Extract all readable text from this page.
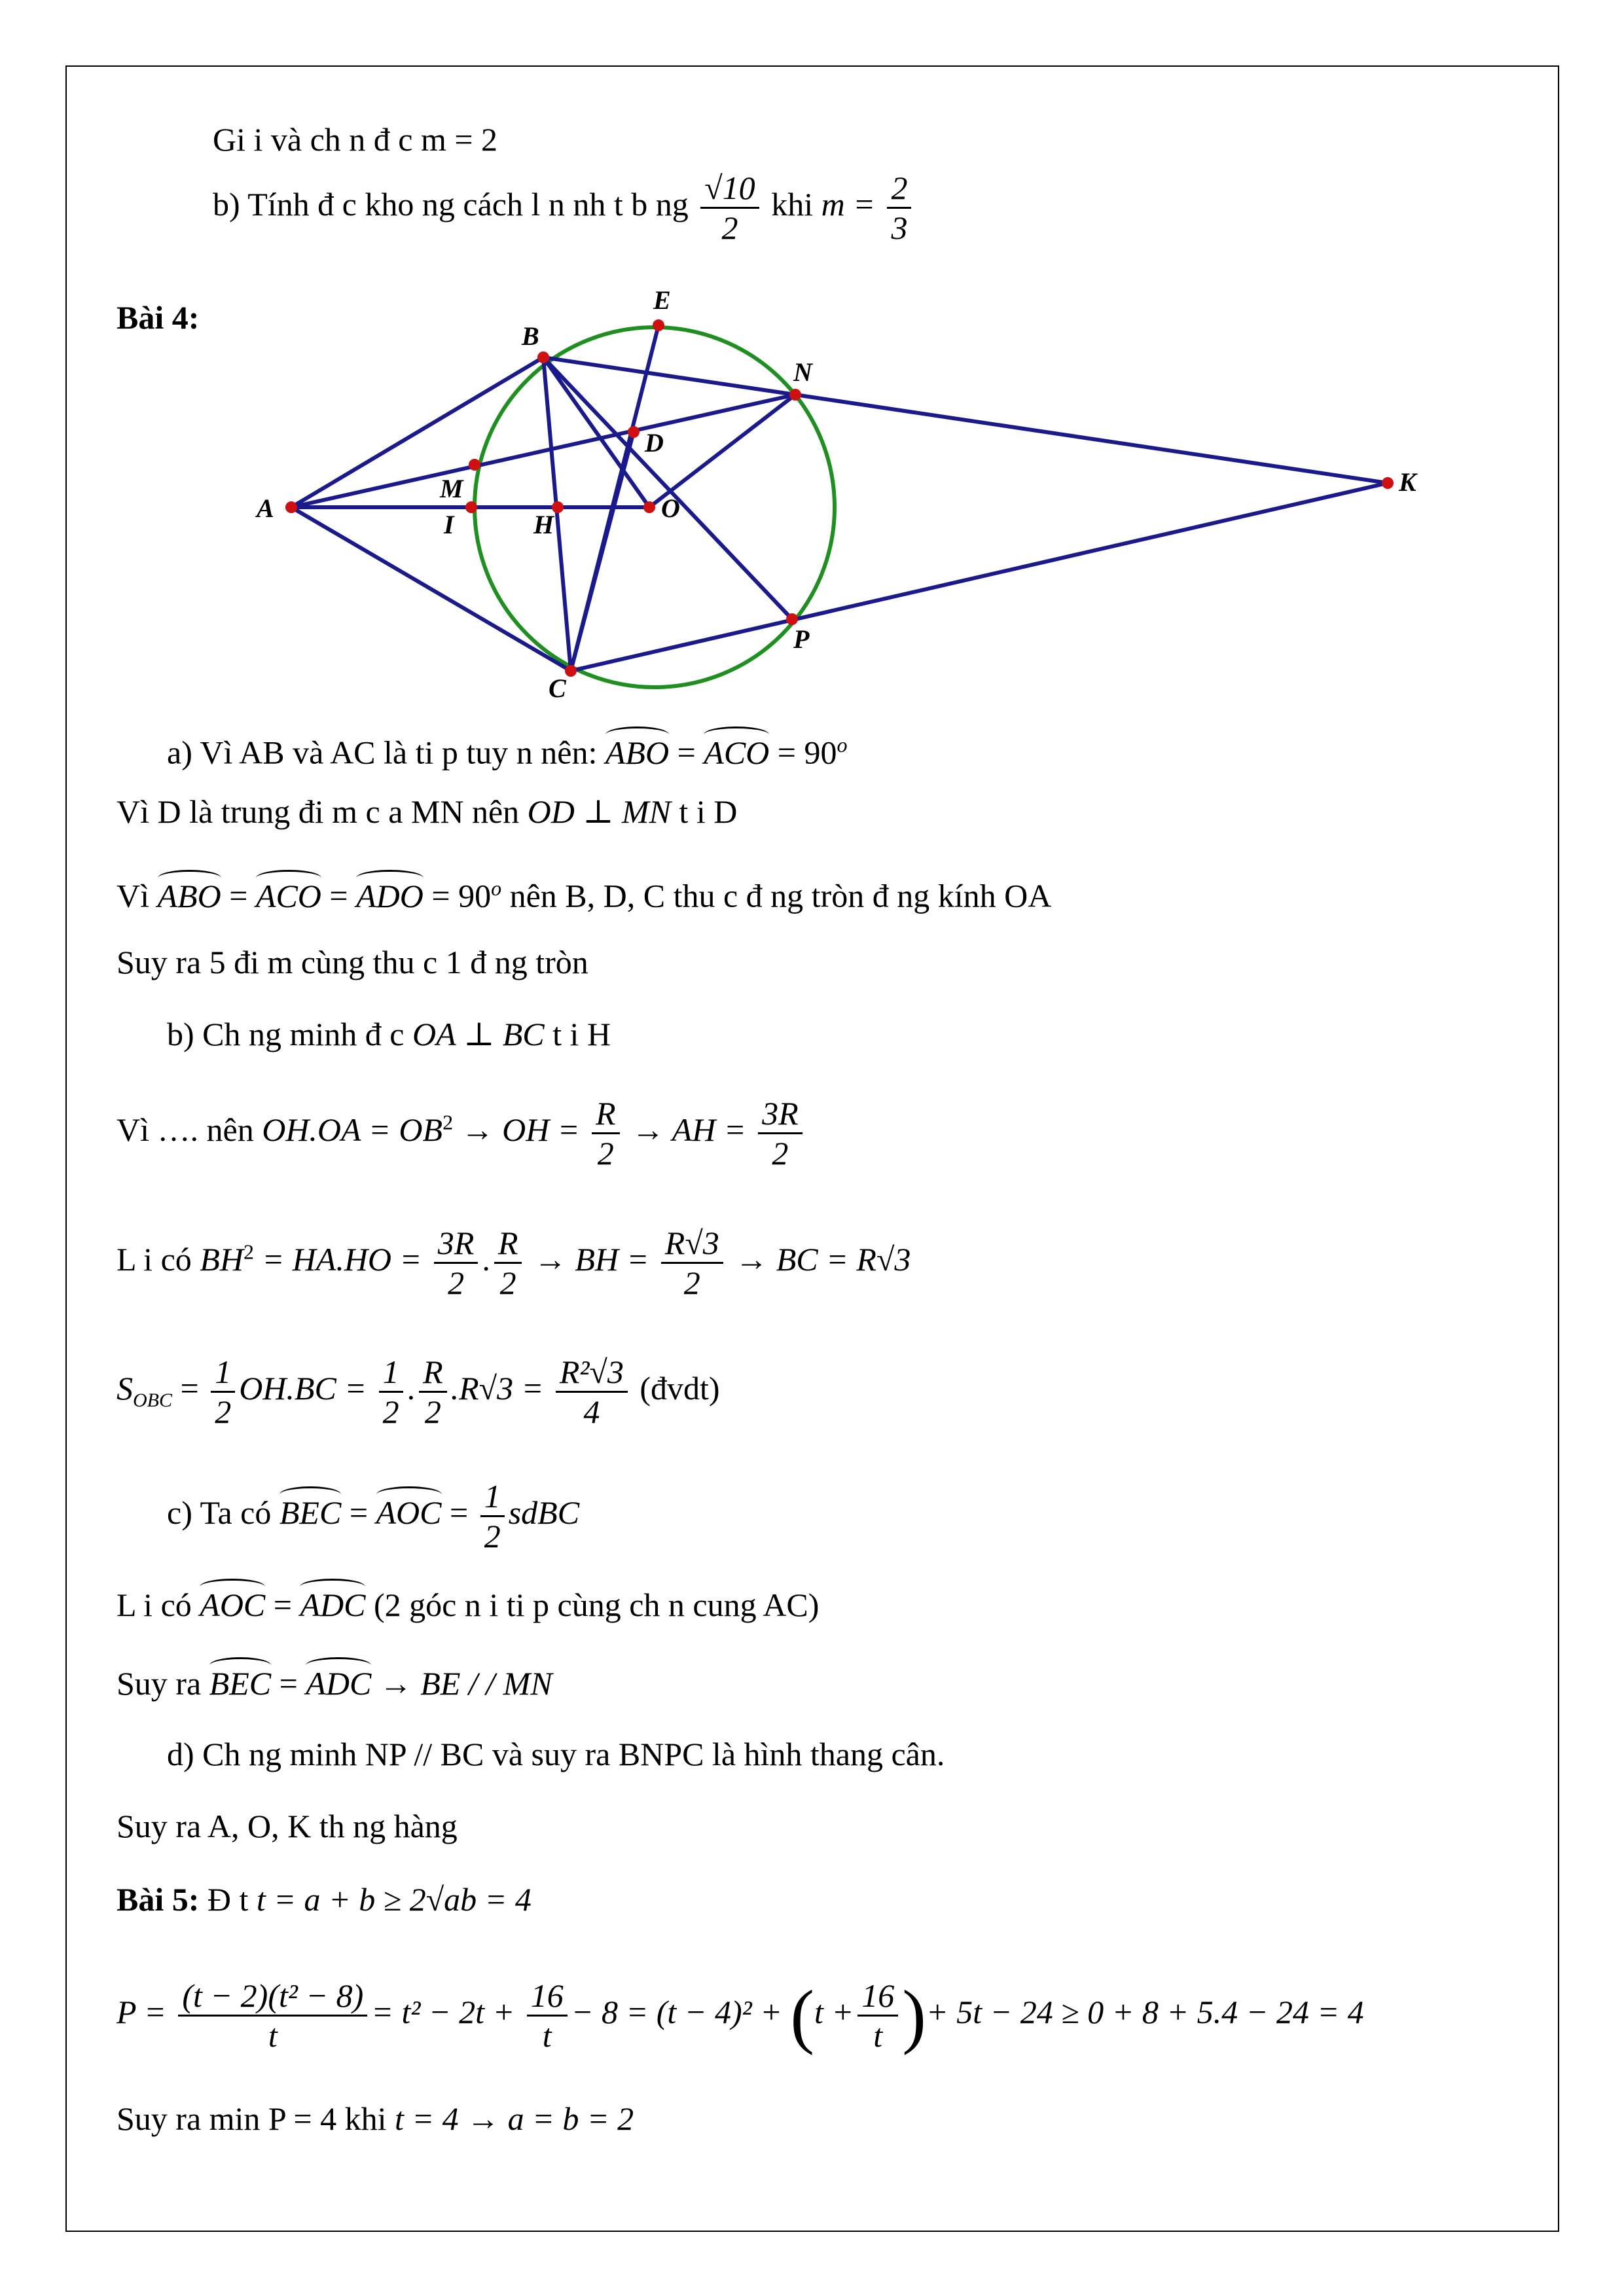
Gi i và ch n đ c m = 2
b) Tính đ c kho ng cách l n nh t b ng $\frac{√10}{2}$ khi $m = \frac{2}{3}$
Bài 4:
A
B
C
D
E
H
I
K
M
N
O
P
a) Vì AB và AC là ti p tuy n nên: ABO = ACO = $90^o$
Vì D là trung đi m c a MN nên OD ⊥ MN t i D
Vì ABO = ACO = ADO = $90^o$ nên B, D, C thu c đ ng tròn đ ng kính OA
Suy ra 5 đi m cùng thu c 1 đ ng tròn
b) Ch ng minh đ c OA ⊥ BC t i H
Vì …. nên $OH.OA = OB^2$ → OH = $\frac{R}{2}$ → AH = $\frac{3R}{2}$
L i có $BH^2 = HA.HO = \frac{3R}{2}$ . $\frac{R}{2}$ → BH = $\frac{R√3}{2}$ → BC = R√3
$S_{OBC} = \frac{1}{2} OH.BC = \frac{1}{2}$ . $\frac{R}{2} .R√3 = \frac{\text{R²√3}}{4}$ (đvdt)
c) Ta có BEC = AOC = $\frac{1}{2}$ sdBC
L i có AOC = ADC (2 góc n i ti p cùng ch n cung AC)
Suy ra BEC = ADC → BE / / MN
d) Ch ng minh NP // BC và suy ra BNPC là hình thang cân.
Suy ra A, O, K th ng hàng
Bài 5: Đ t t = a + b ≥ 2√ab = 4
$P = \frac{\text{(t − 2)(t² − 8)}}{t} = t^2 - 2t + \frac{16}{t} - 8 = (t - 4)^2 + (t + \frac{16}{t}$ )+ 5t − 24 ≥ 0 + 8 + 5.4 − 24 = 4
Suy ra min P = 4 khi t = 4 → a = b = 2
